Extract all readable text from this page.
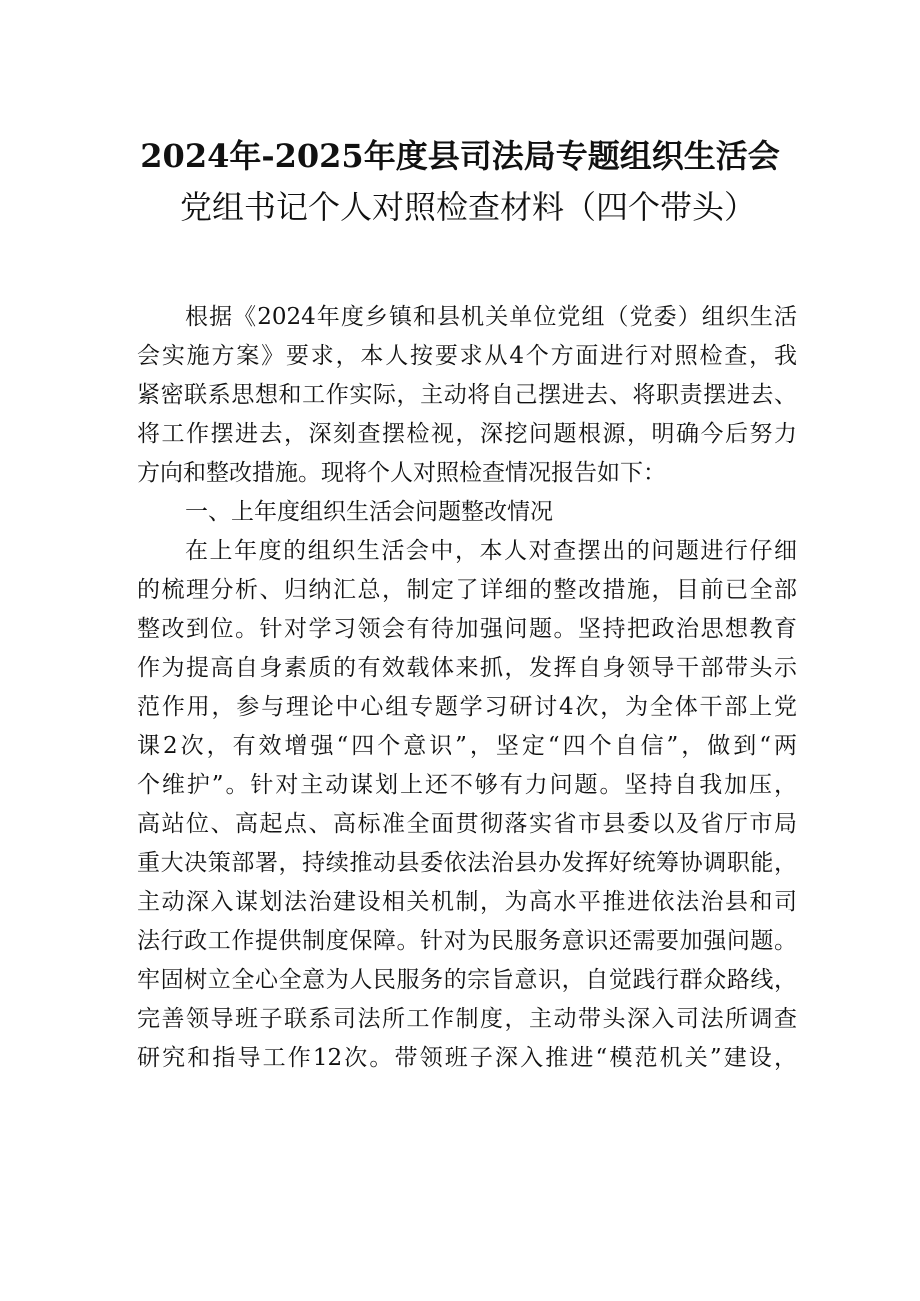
2024年-2025年度县司法局专题组织生活会
党组书记个人对照检查材料（四个带头）
根据《2024年度乡镇和县机关单位党组（党委）组织生活
会实施方案》要求，本人按要求从4个方面进行对照检查，我
紧密联系思想和工作实际，主动将自己摆进去、将职责摆进去、
将工作摆进去，深刻查摆检视，深挖问题根源，明确今后努力
方向和整改措施。现将个人对照检查情况报告如下：
一、上年度组织生活会问题整改情况
在上年度的组织生活会中，本人对查摆出的问题进行仔细
的梳理分析、归纳汇总，制定了详细的整改措施，目前已全部
整改到位。针对学习领会有待加强问题。坚持把政治思想教育
作为提高自身素质的有效载体来抓，发挥自身领导干部带头示
范作用，参与理论中心组专题学习研讨4次，为全体干部上党
课2次，有效增强“四个意识”，坚定“四个自信”，做到“两
个维护”。针对主动谋划上还不够有力问题。坚持自我加压，
高站位、高起点、高标准全面贯彻落实省市县委以及省厅市局
重大决策部署，持续推动县委依法治县办发挥好统筹协调职能，
主动深入谋划法治建设相关机制，为高水平推进依法治县和司
法行政工作提供制度保障。针对为民服务意识还需要加强问题。
牢固树立全心全意为人民服务的宗旨意识，自觉践行群众路线，
完善领导班子联系司法所工作制度，主动带头深入司法所调查
研究和指导工作12次。带领班子深入推进“模范机关”建设，
